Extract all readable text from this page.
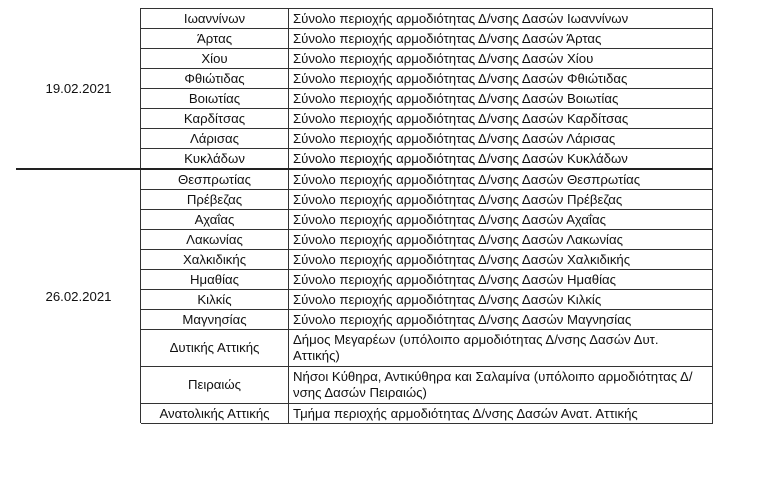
19.02.2021	Ιωαννίνων	Σύνολο περιοχής αρμοδιότητας Δ/νσης Δασών Ιωαννίνων
	Άρτας	Σύνολο περιοχής αρμοδιότητας Δ/νσης Δασών Άρτας
	Χίου	Σύνολο περιοχής αρμοδιότητας Δ/νσης Δασών Χίου
	Φθιώτιδας	Σύνολο περιοχής αρμοδιότητας Δ/νσης Δασών Φθιώτιδας
	Βοιωτίας	Σύνολο περιοχής αρμοδιότητας Δ/νσης Δασών Βοιωτίας
	Καρδίτσας	Σύνολο περιοχής αρμοδιότητας Δ/νσης Δασών Καρδίτσας
	Λάρισας	Σύνολο περιοχής αρμοδιότητας Δ/νσης Δασών Λάρισας
	Κυκλάδων	Σύνολο περιοχής αρμοδιότητας Δ/νσης Δασών Κυκλάδων
26.02.2021	Θεσπρωτίας	Σύνολο περιοχής αρμοδιότητας Δ/νσης Δασών Θεσπρωτίας
	Πρέβεζας	Σύνολο περιοχής αρμοδιότητας Δ/νσης Δασών Πρέβεζας
	Αχαΐας	Σύνολο περιοχής αρμοδιότητας Δ/νσης Δασών Αχαΐας
	Λακωνίας	Σύνολο περιοχής αρμοδιότητας Δ/νσης Δασών Λακωνίας
	Χαλκιδικής	Σύνολο περιοχής αρμοδιότητας Δ/νσης Δασών Χαλκιδικής
	Ημαθίας	Σύνολο περιοχής αρμοδιότητας Δ/νσης Δασών Ημαθίας
	Κιλκίς	Σύνολο περιοχής αρμοδιότητας Δ/νσης Δασών Κιλκίς
	Μαγνησίας	Σύνολο περιοχής αρμοδιότητας Δ/νσης Δασών Μαγνησίας
	Δυτικής Αττικής	Δήμος Μεγαρέων (υπόλοιπο αρμοδιότητας Δ/νσης Δασών Δυτ. Αττικής)
	Πειραιώς	Νήσοι Κύθηρα, Αντικύθηρα και Σαλαμίνα (υπόλοιπο αρμοδιότητας Δ/νσης Δασών Πειραιώς)
	Ανατολικής Αττικής	Τμήμα περιοχής αρμοδιότητας Δ/νσης Δασών Ανατ. Αττικής
